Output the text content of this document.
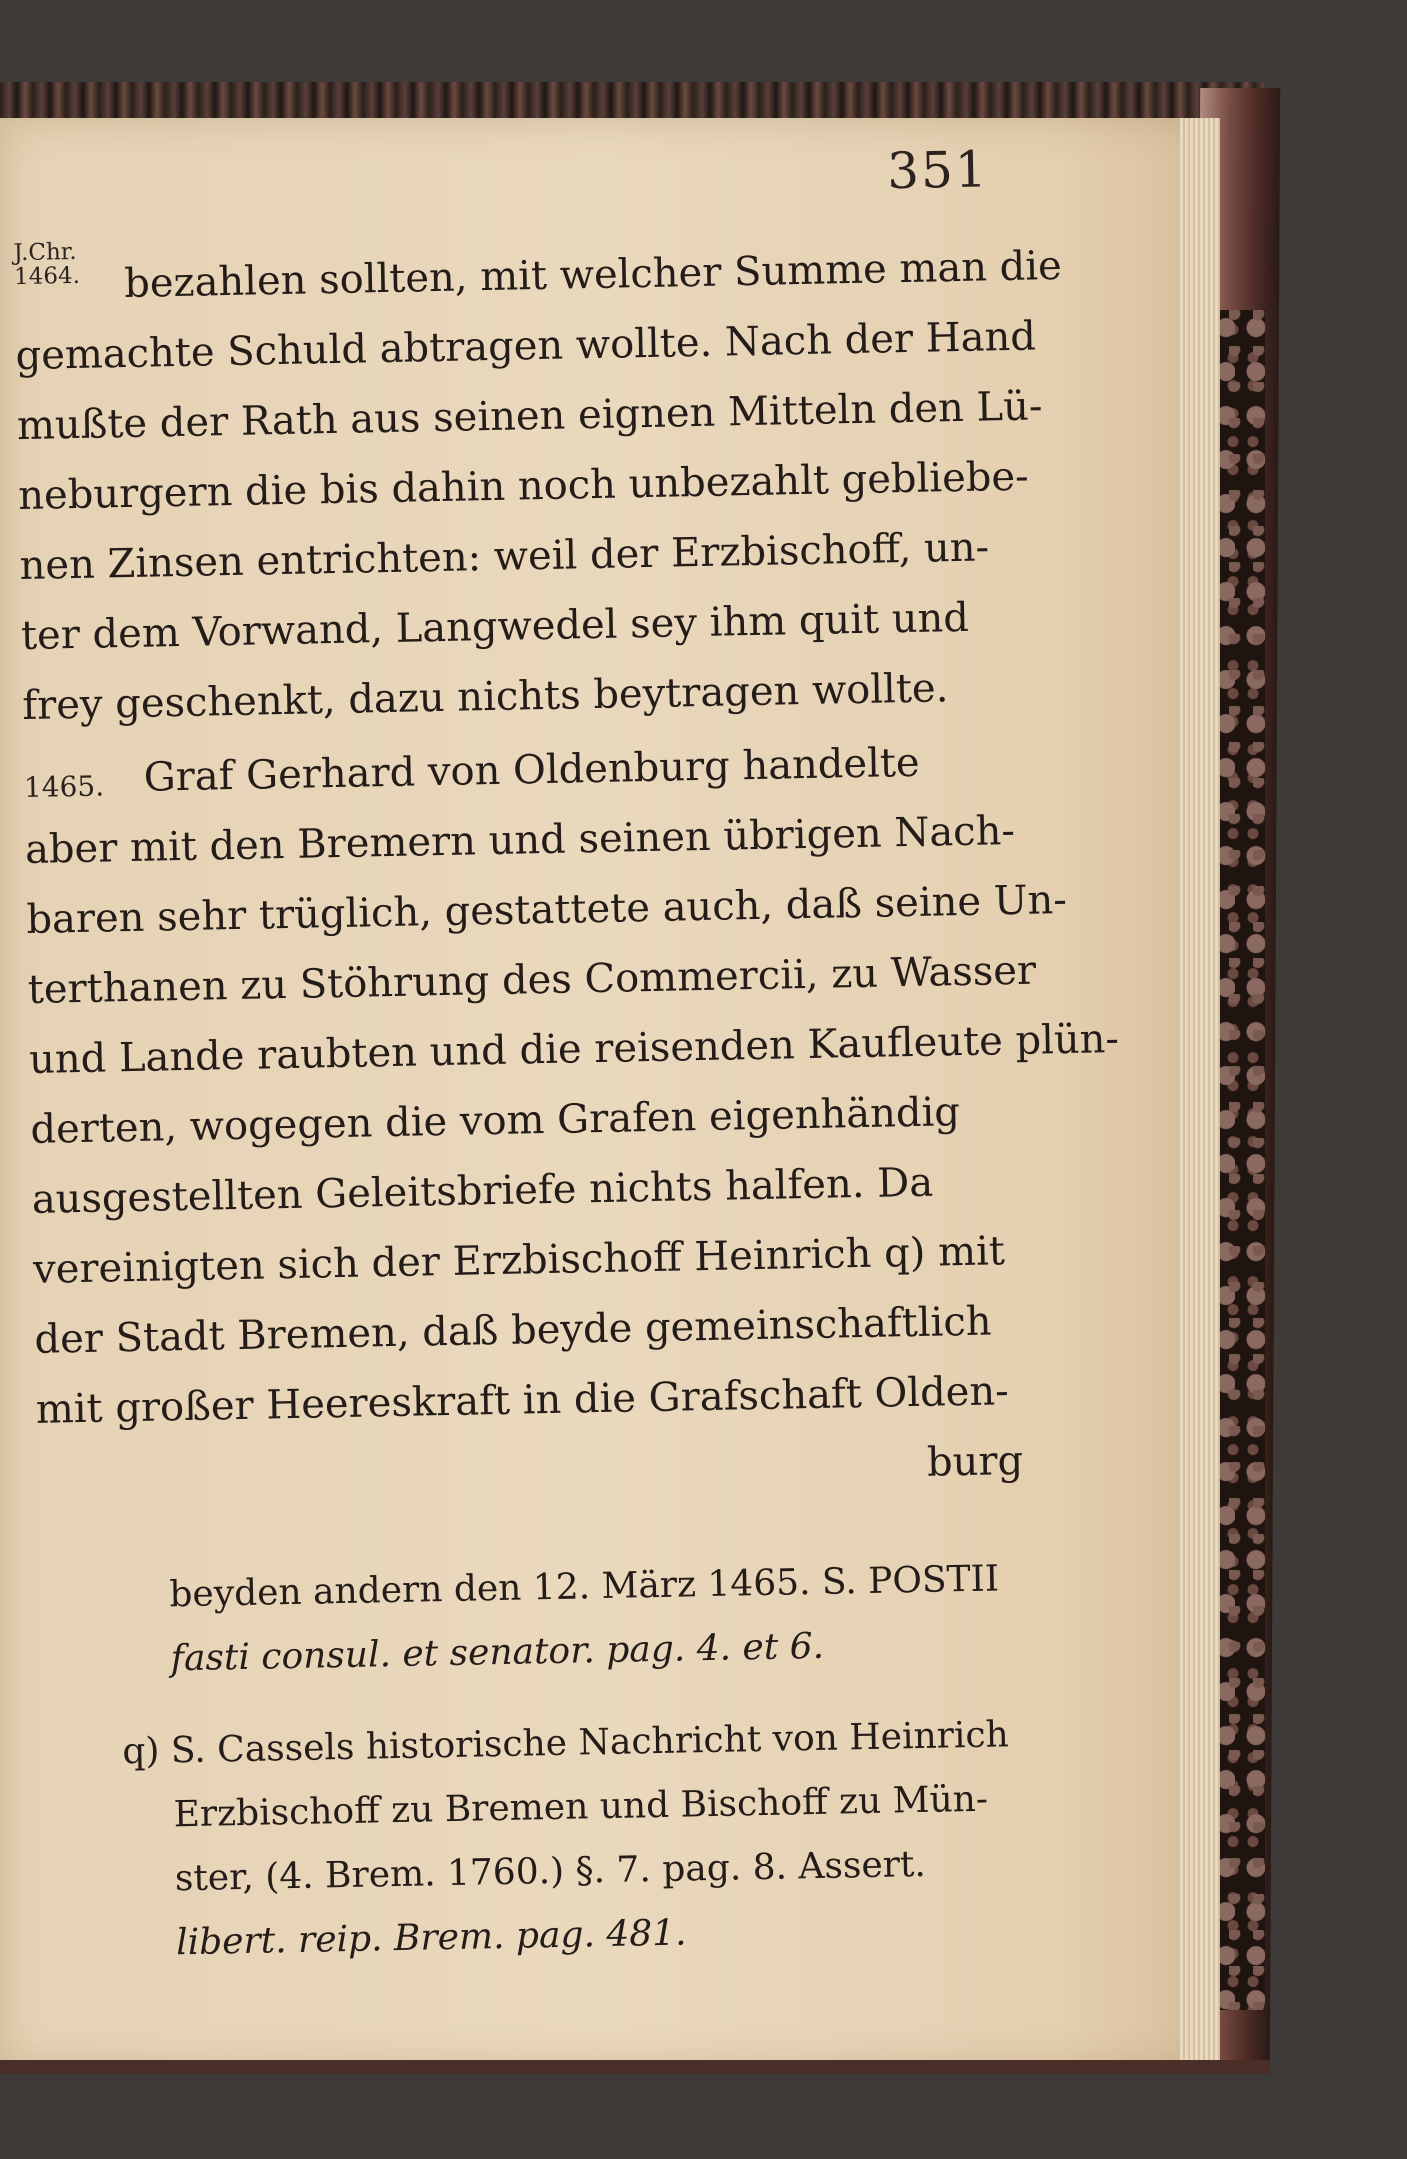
351
J.Chr.
1464. bezahlen sollten, mit welcher Summe man die
gemachte Schuld abtragen wollte. Nach der Hand
mußte der Rath aus seinen eignen Mitteln den Lü-
neburgern die bis dahin noch unbezahlt gebliebe-
nen Zinsen entrichten: weil der Erzbischoff, un-
ter dem Vorwand, Langwedel sey ihm quit und
frey geschenkt, dazu nichts beytragen wollte.
1465. Graf Gerhard von Oldenburg handelte
aber mit den Bremern und seinen übrigen Nach-
baren sehr trüglich, gestattete auch, daß seine Un-
terthanen zu Stöhrung des Commercii, zu Wasser
und Lande raubten und die reisenden Kaufleute plün-
derten, wogegen die vom Grafen eigenhändig
ausgestellten Geleitsbriefe nichts halfen. Da
vereinigten sich der Erzbischoff Heinrich q) mit
der Stadt Bremen, daß beyde gemeinschaftlich
mit großer Heereskraft in die Grafschaft Olden-
burg
beyden andern den 12. März 1465. S. POSTII
fasti consul. et senator. pag. 4. et 6.
q) S. Cassels historische Nachricht von Heinrich
Erzbischoff zu Bremen und Bischoff zu Mün-
ster, (4. Brem. 1760.) §. 7. pag. 8. Assert.
libert. reip. Brem. pag. 481.
